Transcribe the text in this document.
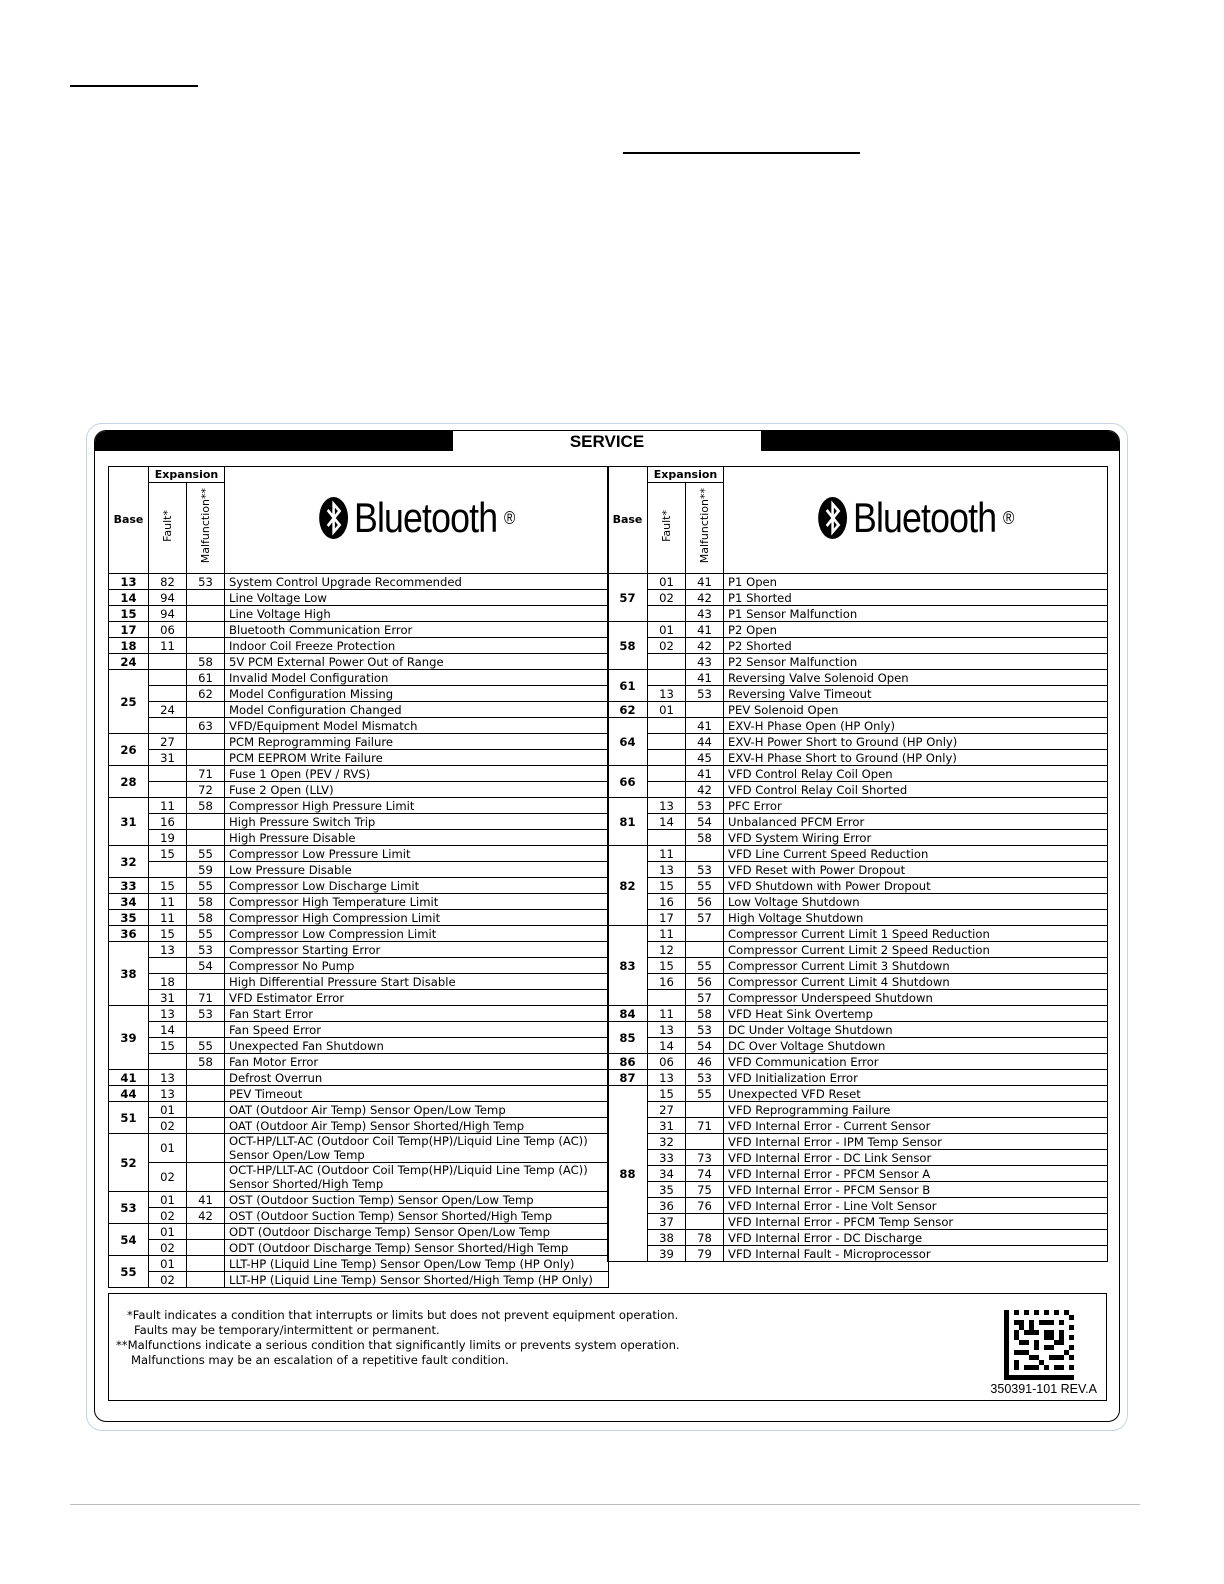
SERVICE
Base	Expansion		Bluetooth ®

	Fault*	Malfunction**	
13	82	53	System Control Upgrade Recommended
14	94		Line Voltage Low
15	94		Line Voltage High
17	06		Bluetooth Communication Error
18	11		Indoor Coil Freeze Protection
24		58	5V PCM External Power Out of Range
25		61	Invalid Model Configuration
		62	Model Configuration Missing
	24		Model Configuration Changed
		63	VFD/Equipment Model Mismatch
26	27		PCM Reprogramming Failure
	31		PCM EEPROM Write Failure
28		71	Fuse 1 Open (PEV / RVS)
		72	Fuse 2 Open (LLV)
31	11	58	Compressor High Pressure Limit
	16		High Pressure Switch Trip
	19		High Pressure Disable
32	15	55	Compressor Low Pressure Limit
		59	Low Pressure Disable
33	15	55	Compressor Low Discharge Limit
34	11	58	Compressor High Temperature Limit
35	11	58	Compressor High Compression Limit
36	15	55	Compressor Low Compression Limit
38	13	53	Compressor Starting Error
		54	Compressor No Pump
	18		High Differential Pressure Start Disable
	31	71	VFD Estimator Error
39	13	53	Fan Start Error
	14		Fan Speed Error
	15	55	Unexpected Fan Shutdown
		58	Fan Motor Error
41	13		Defrost Overrun
44	13		PEV Timeout
51	01		OAT (Outdoor Air Temp) Sensor Open/Low Temp
	02		OAT (Outdoor Air Temp) Sensor Shorted/High Temp
52	01		OCT-HP/LLT-AC (Outdoor Coil Temp(HP)/Liquid Line Temp (AC)) Sensor Open/Low Temp
	02		OCT-HP/LLT-AC (Outdoor Coil Temp(HP)/Liquid Line Temp (AC)) Sensor Shorted/High Temp
53	01	41	OST (Outdoor Suction Temp) Sensor Open/Low Temp
	02	42	OST (Outdoor Suction Temp) Sensor Shorted/High Temp
54	01		ODT (Outdoor Discharge Temp) Sensor Open/Low Temp
	02		ODT (Outdoor Discharge Temp) Sensor Shorted/High Temp
55	01		LLT-HP (Liquid Line Temp) Sensor Open/Low Temp (HP Only)
	02		LLT-HP (Liquid Line Temp) Sensor Shorted/High Temp (HP Only)
Base	Expansion		Bluetooth ®

	Fault*	Malfunction**	
57	01	41	P1 Open
	02	42	P1 Shorted
		43	P1 Sensor Malfunction
58	01	41	P2 Open
	02	42	P2 Shorted
		43	P2 Sensor Malfunction
61		41	Reversing Valve Solenoid Open
	13	53	Reversing Valve Timeout
62	01		PEV Solenoid Open
64		41	EXV-H Phase Open (HP Only)
		44	EXV-H Power Short to Ground (HP Only)
		45	EXV-H Phase Short to Ground (HP Only)
66		41	VFD Control Relay Coil Open
		42	VFD Control Relay Coil Shorted
81	13	53	PFC Error
	14	54	Unbalanced PFCM Error
		58	VFD System Wiring Error
82	11		VFD Line Current Speed Reduction
	13	53	VFD Reset with Power Dropout
	15	55	VFD Shutdown with Power Dropout
	16	56	Low Voltage Shutdown
	17	57	High Voltage Shutdown
83	11		Compressor Current Limit 1 Speed Reduction
	12		Compressor Current Limit 2 Speed Reduction
	15	55	Compressor Current Limit 3 Shutdown
	16	56	Compressor Current Limit 4 Shutdown
		57	Compressor Underspeed Shutdown
84	11	58	VFD Heat Sink Overtemp
85	13	53	DC Under Voltage Shutdown
	14	54	DC Over Voltage Shutdown
86	06	46	VFD Communication Error
87	13	53	VFD Initialization Error
88	15	55	Unexpected VFD Reset
	27		VFD Reprogramming Failure
	31	71	VFD Internal Error - Current Sensor
	32		VFD Internal Error - IPM Temp Sensor
	33	73	VFD Internal Error - DC Link Sensor
	34	74	VFD Internal Error - PFCM Sensor A
	35	75	VFD Internal Error - PFCM Sensor B
	36	76	VFD Internal Error - Line Volt Sensor
	37		VFD Internal Error - PFCM Temp Sensor
	38	78	VFD Internal Error - DC Discharge
	39	79	VFD Internal Fault - Microprocessor

*Fault indicates a condition that interrupts or limits but does not prevent equipment operation.

Faults may be temporary/intermittent or permanent.

**Malfunctions indicate a serious condition that significantly limits or prevents system operation.

Malfunctions may be an escalation of a repetitive fault condition.

350391-101 REV.A
